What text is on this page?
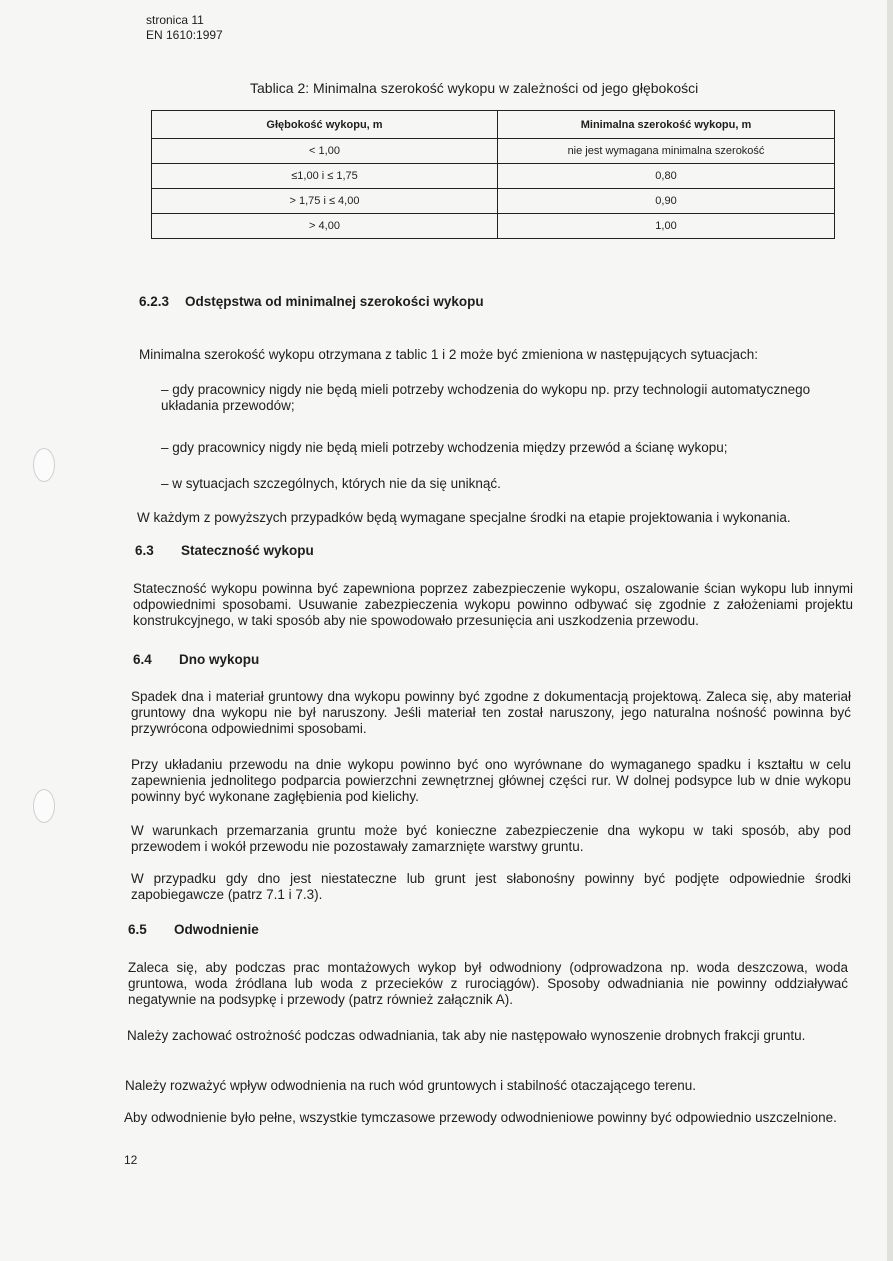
stronica 11
EN 1610:1997
Tablica 2: Minimalna szerokość wykopu w zależności od jego głębokości
Głębokość wykopu, m	Minimalna szerokość wykopu, m
< 1,00	nie jest wymagana minimalna szerokość
≤1,00 i ≤ 1,75	0,80
> 1,75 i ≤ 4,00	0,90
> 4,00	1,00
6.2.3 Odstępstwa od minimalnej szerokości wykopu
Minimalna szerokość wykopu otrzymana z tablic 1 i 2 może być zmieniona w następujących sytuacjach:
– gdy pracownicy nigdy nie będą mieli potrzeby wchodzenia do wykopu np. przy technologii automatycznego układania przewodów;
– gdy pracownicy nigdy nie będą mieli potrzeby wchodzenia między przewód a ścianę wykopu;
– w sytuacjach szczególnych, których nie da się uniknąć.
W każdym z powyższych przypadków będą wymagane specjalne środki na etapie projektowania i wykonania.
6.3 Stateczność wykopu
Stateczność wykopu powinna być zapewniona poprzez zabezpieczenie wykopu, oszalowanie ścian wykopu lub innymi odpowiednimi sposobami. Usuwanie zabezpieczenia wykopu powinno odbywać się zgodnie z założeniami projektu konstrukcyjnego, w taki sposób aby nie spowodowało przesunięcia ani uszkodzenia przewodu.
6.4 Dno wykopu
Spadek dna i materiał gruntowy dna wykopu powinny być zgodne z dokumentacją projektową. Zaleca się, aby materiał gruntowy dna wykopu nie był naruszony. Jeśli materiał ten został naruszony, jego naturalna nośność powinna być przywrócona odpowiednimi sposobami.
Przy układaniu przewodu na dnie wykopu powinno być ono wyrównane do wymaganego spadku i kształtu w celu zapewnienia jednolitego podparcia powierzchni zewnętrznej głównej części rur. W dolnej podsypce lub w dnie wykopu powinny być wykonane zagłębienia pod kielichy.
W warunkach przemarzania gruntu może być konieczne zabezpieczenie dna wykopu w taki sposób, aby pod przewodem i wokół przewodu nie pozostawały zamarznięte warstwy gruntu.
W przypadku gdy dno jest niestateczne lub grunt jest słabonośny powinny być podjęte odpowiednie środki zapobiegawcze (patrz 7.1 i 7.3).
6.5 Odwodnienie
Zaleca się, aby podczas prac montażowych wykop był odwodniony (odprowadzona np. woda deszczowa, woda gruntowa, woda źródlana lub woda z przecieków z rurociągów). Sposoby odwadniania nie powinny oddziaływać negatywnie na podsypkę i przewody (patrz również załącznik A).
Należy zachować ostrożność podczas odwadniania, tak aby nie następowało wynoszenie drobnych frakcji gruntu.
Należy rozważyć wpływ odwodnienia na ruch wód gruntowych i stabilność otaczającego terenu.
Aby odwodnienie było pełne, wszystkie tymczasowe przewody odwodnieniowe powinny być odpowiednio uszczelnione.
12
